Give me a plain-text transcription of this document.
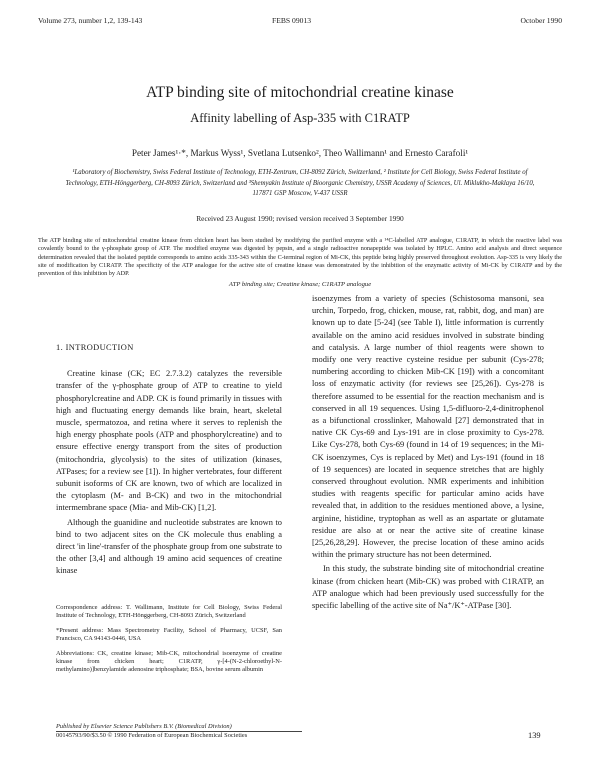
Volume 273, number 1,2, 139-143	FEBS 09013	October 1990
ATP binding site of mitochondrial creatine kinase
Affinity labelling of Asp-335 with C1RATP
Peter James¹·*, Markus Wyss¹, Svetlana Lutsenko², Theo Wallimann¹ and Ernesto Carafoli¹
¹Laboratory of Biochemistry, Swiss Federal Institute of Technology, ETH-Zentrum, CH-8092 Zürich, Switzerland, ² Institute for Cell Biology, Swiss Federal Institute of Technology, ETH-Hönggerberg, CH-8093 Zürich, Switzerland and ³Shemyakin Institute of Bioorganic Chemistry, USSR Academy of Sciences, Ul. Miklukho-Maklaya 16/10, 117871 GSP Moscow, V-437 USSR
Received 23 August 1990; revised version received 3 September 1990
The ATP binding site of mitochondrial creatine kinase from chicken heart has been studied by modifying the purified enzyme with a ¹⁴C-labelled ATP analogue, C1RATP, in which the reactive label was covalently bound to the γ-phosphate group of ATP. The modified enzyme was digested by pepsin, and a single radioactive nonapeptide was isolated by HPLC. Amino acid analysis and direct sequence determination revealed that the isolated peptide corresponds to amino acids 335-343 within the C-terminal region of Mi-CK, this peptide being highly preserved throughout evolution. Asp-335 is very likely the site of modification by C1RATP. The specificity of the ATP analogue for the active site of creatine kinase was demonstrated by the inhibition of the enzymatic activity of Mi-CK by C1RATP and by the prevention of this inhibition by ADP.
ATP binding site; Creatine kinase; C1RATP analogue
1. INTRODUCTION

Creatine kinase (CK; EC 2.7.3.2) catalyzes the reversible transfer of the γ-phosphate group of ATP to creatine to yield phosphorylcreatine and ADP. CK is found primarily in tissues with high and fluctuating energy demands like brain, heart, skeletal muscle, spermatozoa, and retina where it serves to replenish the high energy phosphate pools (ATP and phosphorylcreatine) and to ensure effective energy transport from the sites of production (mitochondria, glycolysis) to the sites of utilization (kinases, ATPases; for a review see [1]). In higher vertebrates, four different subunit isoforms of CK are known, two of which are localized in the cytoplasm (M- and B-CK) and two in the mitochondrial intermembrane space (Mia- and Mib-CK) [1,2].

Although the guanidine and nucleotide substrates are known to bind to two adjacent sites on the CK molecule thus enabling a direct 'in line'-transfer of the phosphate group from one substrate to the other [3,4] and although 19 amino acid sequences of creatine kinase

Correspondence address: T. Wallimann, Institute for Cell Biology, Swiss Federal Institute of Technology, ETH-Hönggerberg, CH-8093 Zürich, Switzerland

*Present address: Mass Spectrometry Facility, School of Pharmacy, UCSF, San Francisco, CA 94143-0446, USA

Abbreviations: CK, creatine kinase; Mib-CK, mitochondrial isoenzyme of creatine kinase from chicken heart; C1RATP, γ-[4-(N-2-chloroethyl-N-methylamino)]benzylamide adenosine triphosphate; BSA, bovine serum albumin

isoenzymes from a variety of species (Schistosoma mansoni, sea urchin, Torpedo, frog, chicken, mouse, rat, rabbit, dog, and man) are known up to date [5-24] (see Table I), little information is currently available on the amino acid residues involved in substrate binding and catalysis. A large number of thiol reagents were shown to modify one very reactive cysteine residue per subunit (Cys-278; numbering according to chicken Mib-CK [19]) with a concomitant loss of enzymatic activity (for reviews see [25,26]). Cys-278 is therefore assumed to be essential for the reaction mechanism and is conserved in all 19 sequences. Using 1,5-difluoro-2,4-dinitrophenol as a bifunctional crosslinker, Mahowald [27] demonstrated that in native CK Cys-69 and Lys-191 are in close proximity to Cys-278. Like Cys-278, both Cys-69 (found in 14 of 19 sequences; in the Mi-CK isoenzymes, Cys is replaced by Met) and Lys-191 (found in 18 of 19 sequences) are located in sequence stretches that are highly conserved throughout evolution. NMR experiments and inhibition studies with reagents specific for particular amino acids have revealed that, in addition to the residues mentioned above, a lysine, arginine, histidine, tryptophan as well as an aspartate or glutamate residue are also at or near the active site of creatine kinase [25,26,28,29]. However, the precise location of these amino acids within the primary structure has not been determined.

In this study, the substrate binding site of mitochondrial creatine kinase (from chicken heart (Mib-CK) was probed with C1RATP, an ATP analogue which had been previously used successfully for the specific labelling of the active site of Na⁺/K⁺-ATPase [30].

Published by Elsevier Science Publishers B.V. (Biomedical Division)
00145793/90/$3.50 © 1990 Federation of European Biochemical Societies	139
